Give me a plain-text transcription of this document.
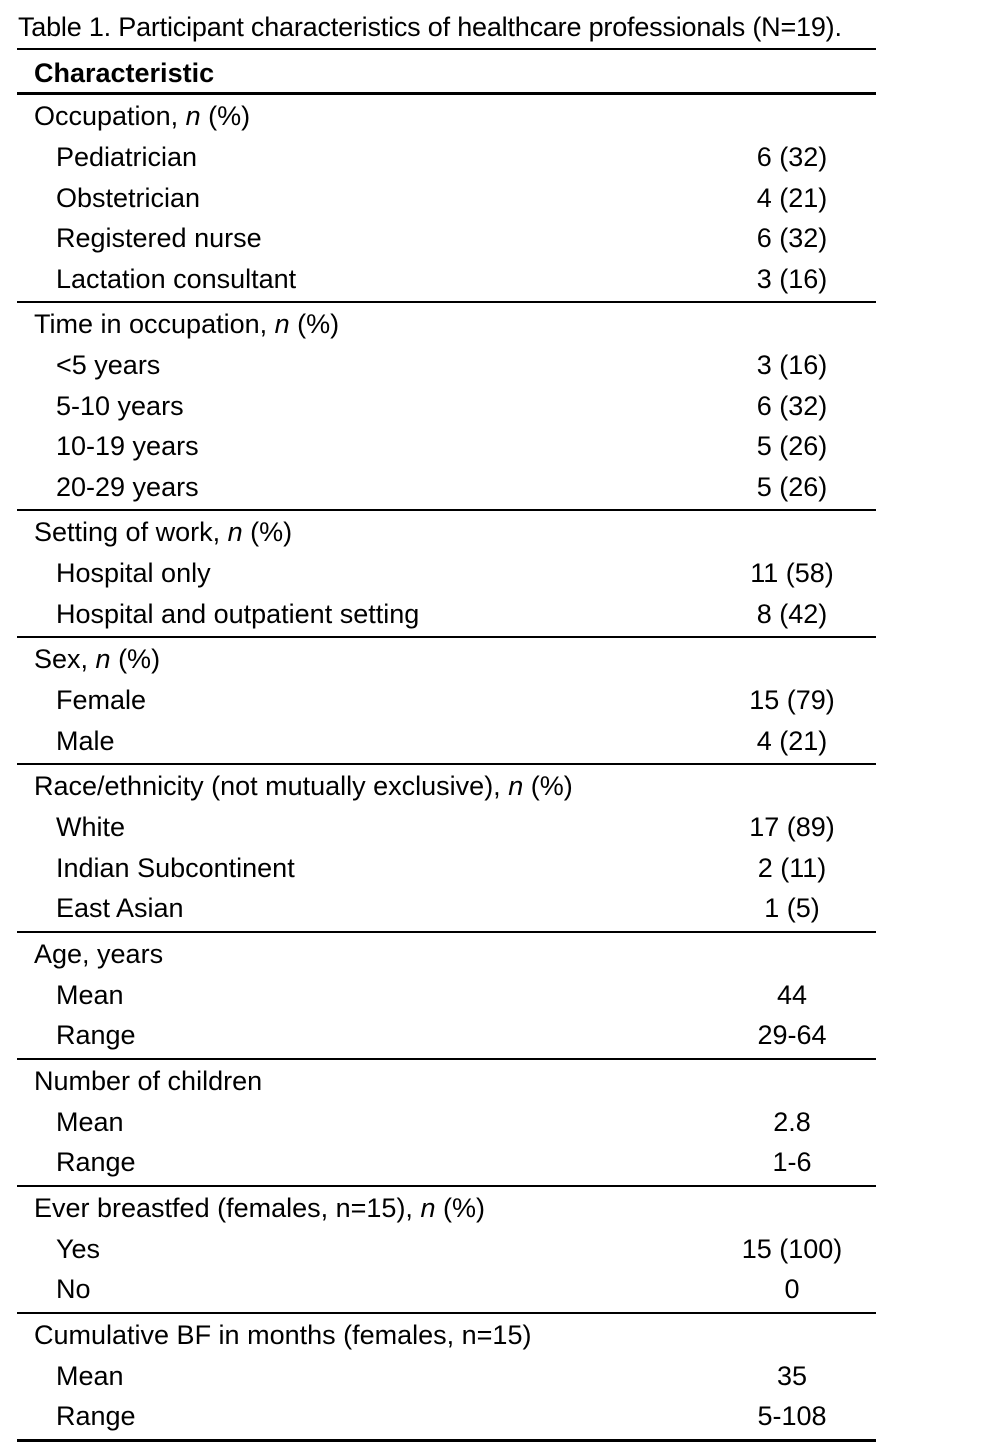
Table 1. Participant characteristics of healthcare professionals (N=19).
Characteristic
Occupation, n (%)
Pediatrician	6 (32)
Obstetrician	4 (21)
Registered nurse	6 (32)
Lactation consultant	3 (16)
Time in occupation, n (%)
<5 years	3 (16)
5-10 years	6 (32)
10-19 years	5 (26)
20-29 years	5 (26)
Setting of work, n (%)
Hospital only	11 (58)
Hospital and outpatient setting	8 (42)
Sex, n (%)
Female	15 (79)
Male	4 (21)
Race/ethnicity (not mutually exclusive), n (%)
White	17 (89)
Indian Subcontinent	2 (11)
East Asian	1 (5)
Age, years
Mean	44
Range	29-64
Number of children
Mean	2.8
Range	1-6
Ever breastfed (females, n=15), n (%)
Yes	15 (100)
No	0
Cumulative BF in months (females, n=15)
Mean	35
Range	5-108
